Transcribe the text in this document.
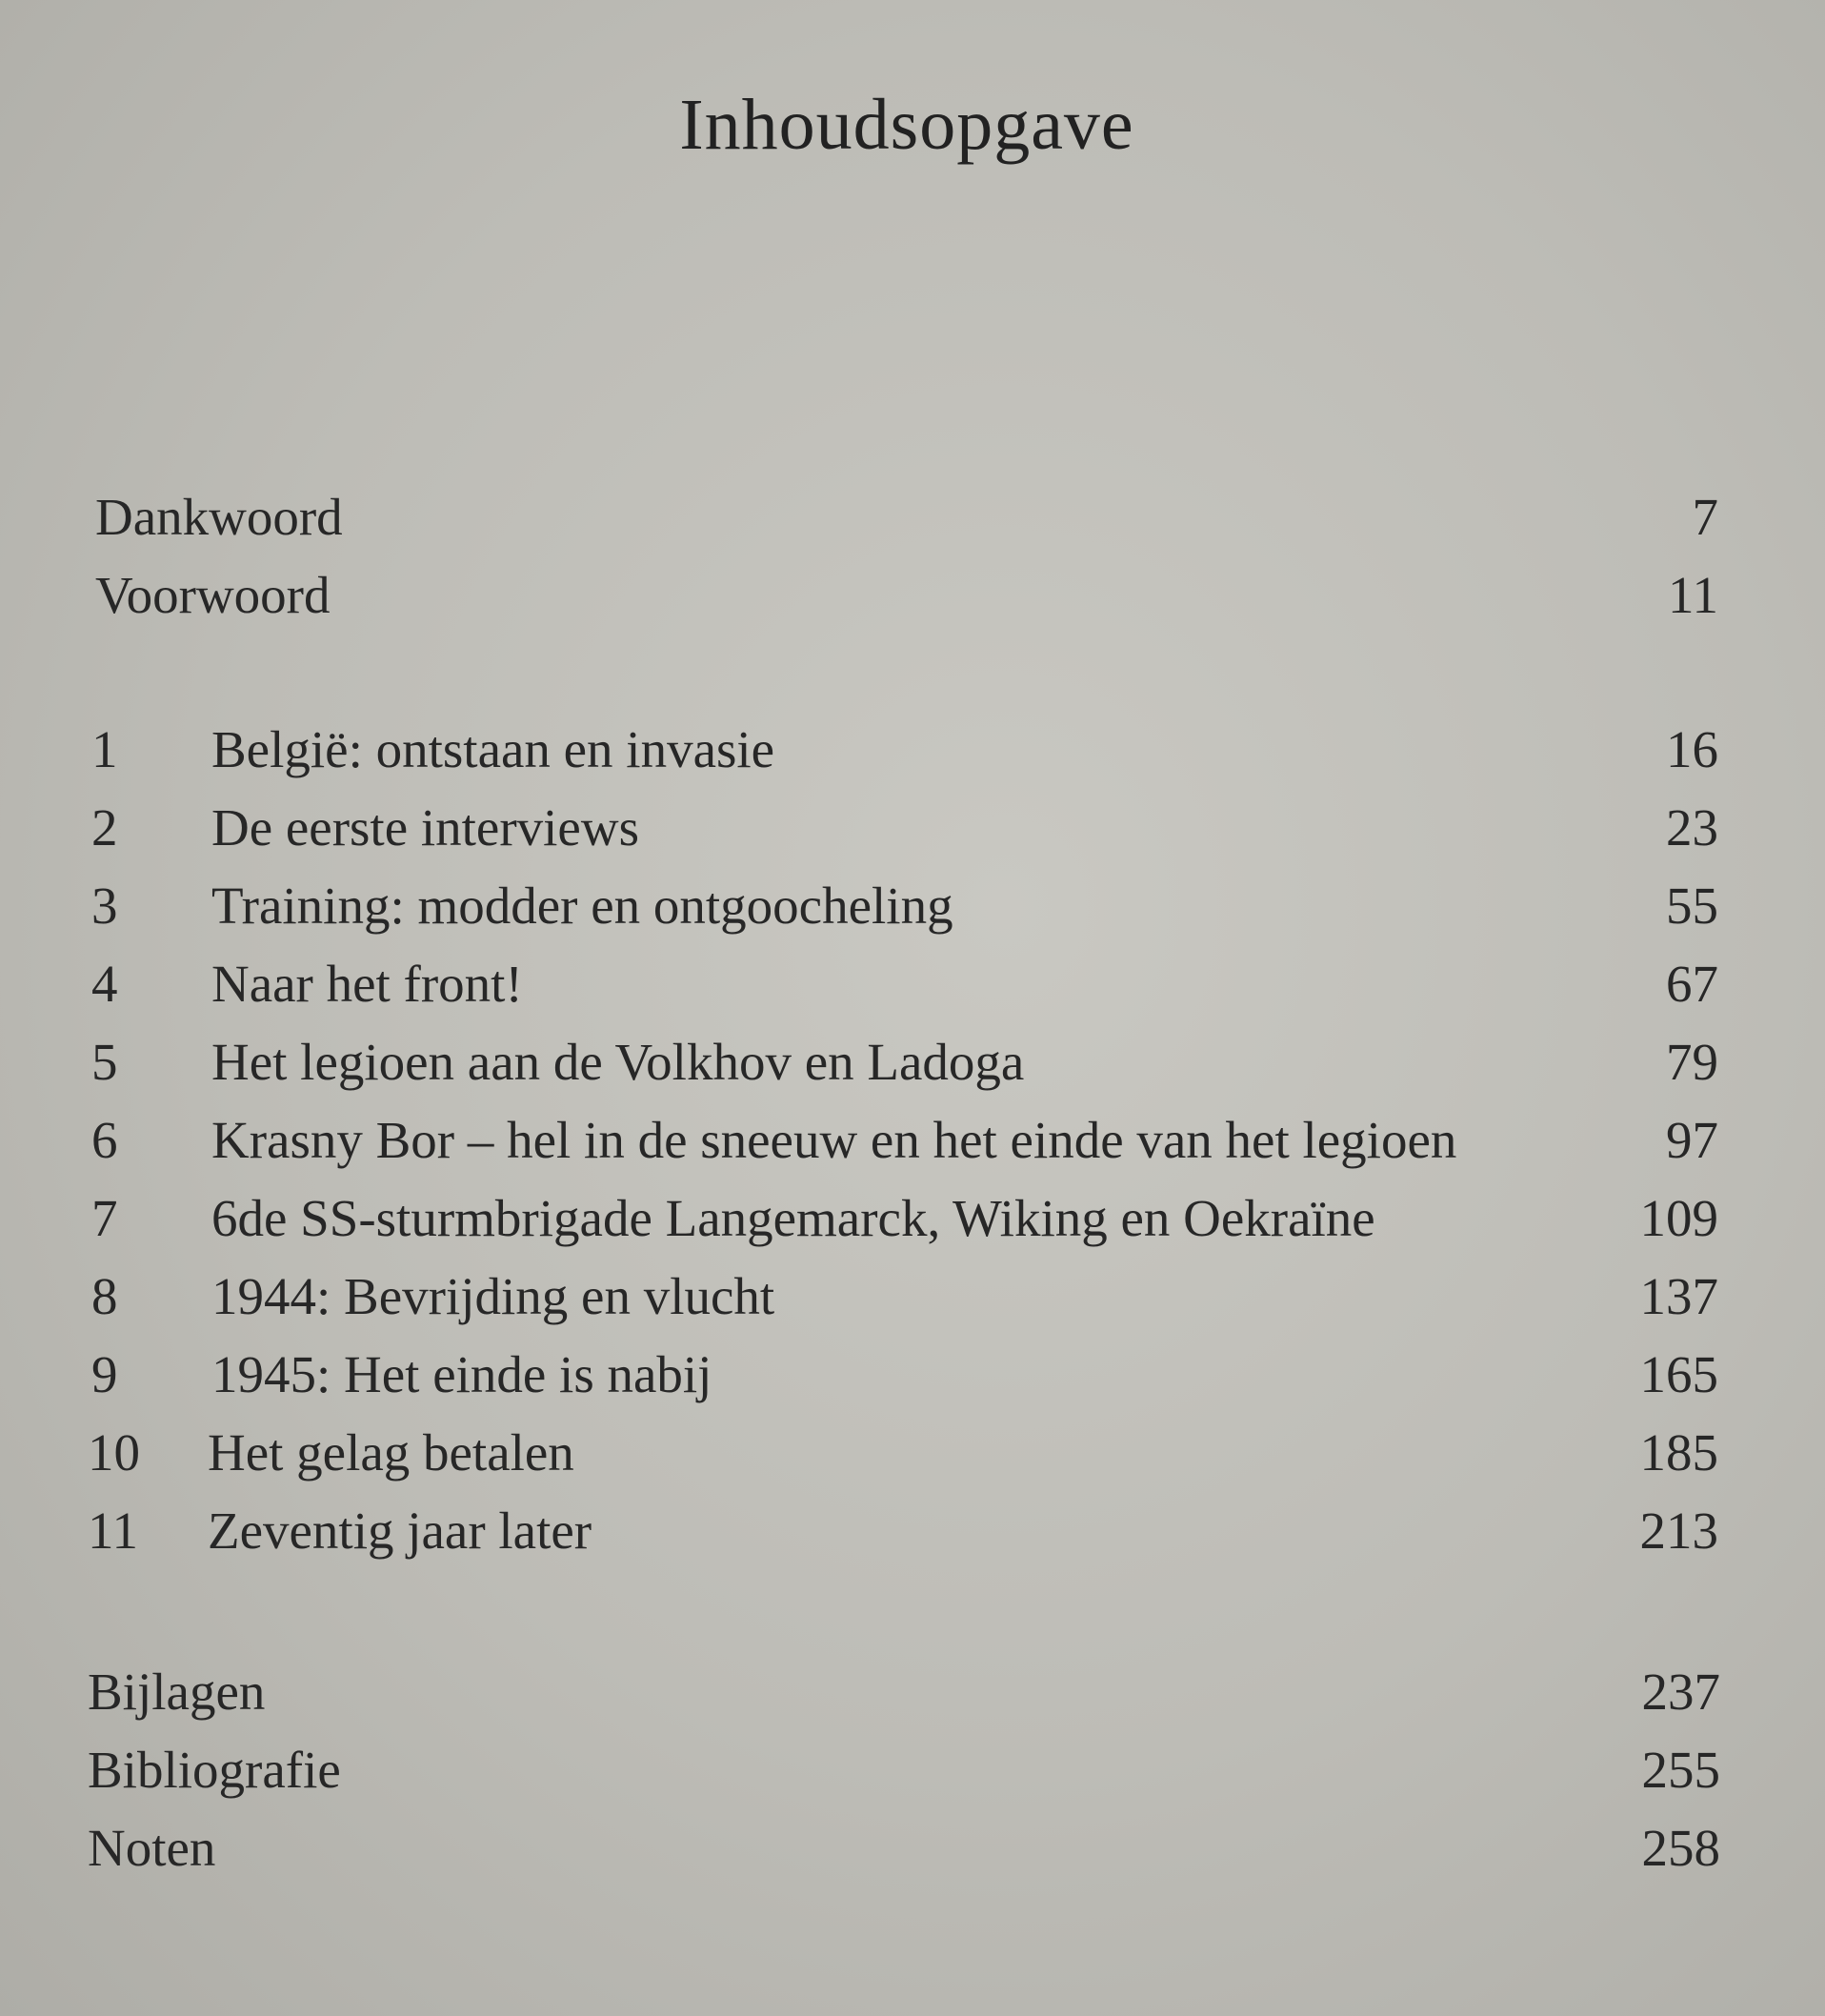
Inhoudsopgave
Dankwoord	7
Voorwoord	11
1	België: ontstaan en invasie	16
2	De eerste interviews	23
3	Training: modder en ontgoocheling	55
4	Naar het front!	67
5	Het legioen aan de Volkhov en Ladoga	79
6	Krasny Bor – hel in de sneeuw en het einde van het legioen	97
7	6de SS-sturmbrigade Langemarck, Wiking en Oekraïne	109
8	1944: Bevrijding en vlucht	137
9	1945: Het einde is nabij	165
10	Het gelag betalen	185
11	Zeventig jaar later	213
Bijlagen	237
Bibliografie	255
Noten	258
